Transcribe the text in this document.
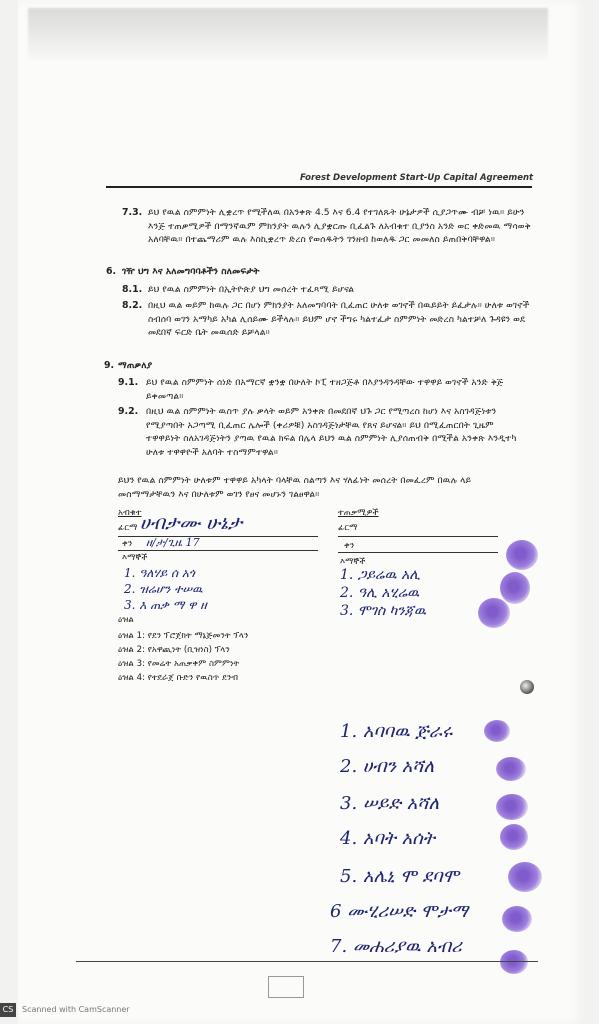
Forest Development Start-Up Capital Agreement
7.3. ይህ የዉል ስምምነት ሊቋረጥ የሚችለዉ በአንቀጽ 4.5 እና 6.4 የተገለጹት ሁኔታዎች ሲያጋጥሙ ብቻ ነዉ። ይሁን እንጅ ተጠቃሚዎች በማንኛዉም ምክንያት ዉሉን ሊያቋርጡ ቢፈልጉ ለአብቁተ ቢያንስ አንድ ወር ቀድመዉ ማሳወቅ አለባቸዉ። በተጨማሪም ዉሉ እስኪቋረጥ ድረስ የወሰዱትን ገንዘብ ከወለዱ ጋር መመለስ ይጠበቅባቸዋል።
6. ገዥ ህግ እና አለመግባባቶችን ስለመፍታት
8.1. ይህ የዉል ስምምነት በኢትዮጵያ ህግ መሰረት ተፈጻሚ ይሆናል
8.2. በዚህ ዉል ወይም ከዉሉ ጋር በሆነ ምክንያት አለመግባባት ቢፈጠር ሁለቱ ወገኖች በዉይይት ይፈታሉ። ሁለቱ ወገኖች ስብሰባ ወገን አማካይ አካል ሊሰይሙ ይችላሉ። ይህም ሆኖ ችግሩ ካልተፈታ ስምምነት መድረስ ካልተቻለ ጉዳዩን ወደ መደበኛ ፍርድ ቤት መዉሰድ ይቻላል።
9. ማጠቃለያ
9.1. ይህ የዉል ስምምነት ሰነድ በአማርኛ ቋንቋ በሁለት ኮፒ ተዘጋጅቶ በእያንዳንዳቸው ተዋዋይ ወገኖች አንድ ቅጅ ይቀመጣል።
9.2. በዚህ ዉል ስምምነት ዉስጥ ያሉ ቃላት ወይም አንቀጽ በመደበኛ ህጉ ጋር የሚጣረስ ከሆነ እና አስገዳጅነቱን የሚያጣበት አጋጣሚ ቢፈጠር ሌሎች (ቀሪዎቹ) አስገዳጅነታቸዉ የጸና ይሆናል። ይህ በሚፈጠርበት ጊዜም ተዋዋይነት ስለአገዳጅነትን ያጣዉ የዉል ክፍል በሌላ ይህን ዉል ስምምነት ሊያሰጠብቅ በሚችል አንቀጽ እንዲተካ ሁለቱ ተዋዋዮች አለባት ተስማምተዋል።
ይህን የዉል ስምምነት ሁለቱም ተዋዋይ አካላት ባላቸዉ ስልጣን እና ሃለፊነት መሰረት በመፈረም በዉሉ ላይ መስማማታቸዉን እና በሁለቱም ወገን የፀና መሆኑን ገልፀዋል።
አብቁተ
ፊርማ ሀብታሙ ሁኔታ
ቀን ዘ/ታ/ጊዜ 17
እማኞች
1. ዓለሃይ ሰ አጎ
2. ዝሬሆን ተሠዉ
3. እ ጠቃ ማ ዋ ዘ
ዕዝል
ዕዝል 1: የደን ፕሮጀክት ማኔጅመንት ፕላን
ዕዝል 2: የአዋጪነት (ቢዝነስ) ፕላን
ዕዝል 3: የመሬት አጠቃቀም ስምምነት
ዕዝል 4: የተደራጀ ቡድን የዉስጥ ደንብ
ተጠቃሚዎች
ፊርማ
ቀን
እማኞች
1. ጋይሬዉ አሊ
2. ዓሊ አሂሬዉ
3. ሞገስ ካንጃዉ
1. አባባዉ ጅራሩ
2. ሀብን አሻለ
3. ሠይድ አሻለ
4. አባት አሰት
5. አሌኒ ሞ ደባሞ
6 ሙሂሪሠድ ሞታማ
7. መሐሪያዉ አብሪ
CS	Scanned with CamScanner
